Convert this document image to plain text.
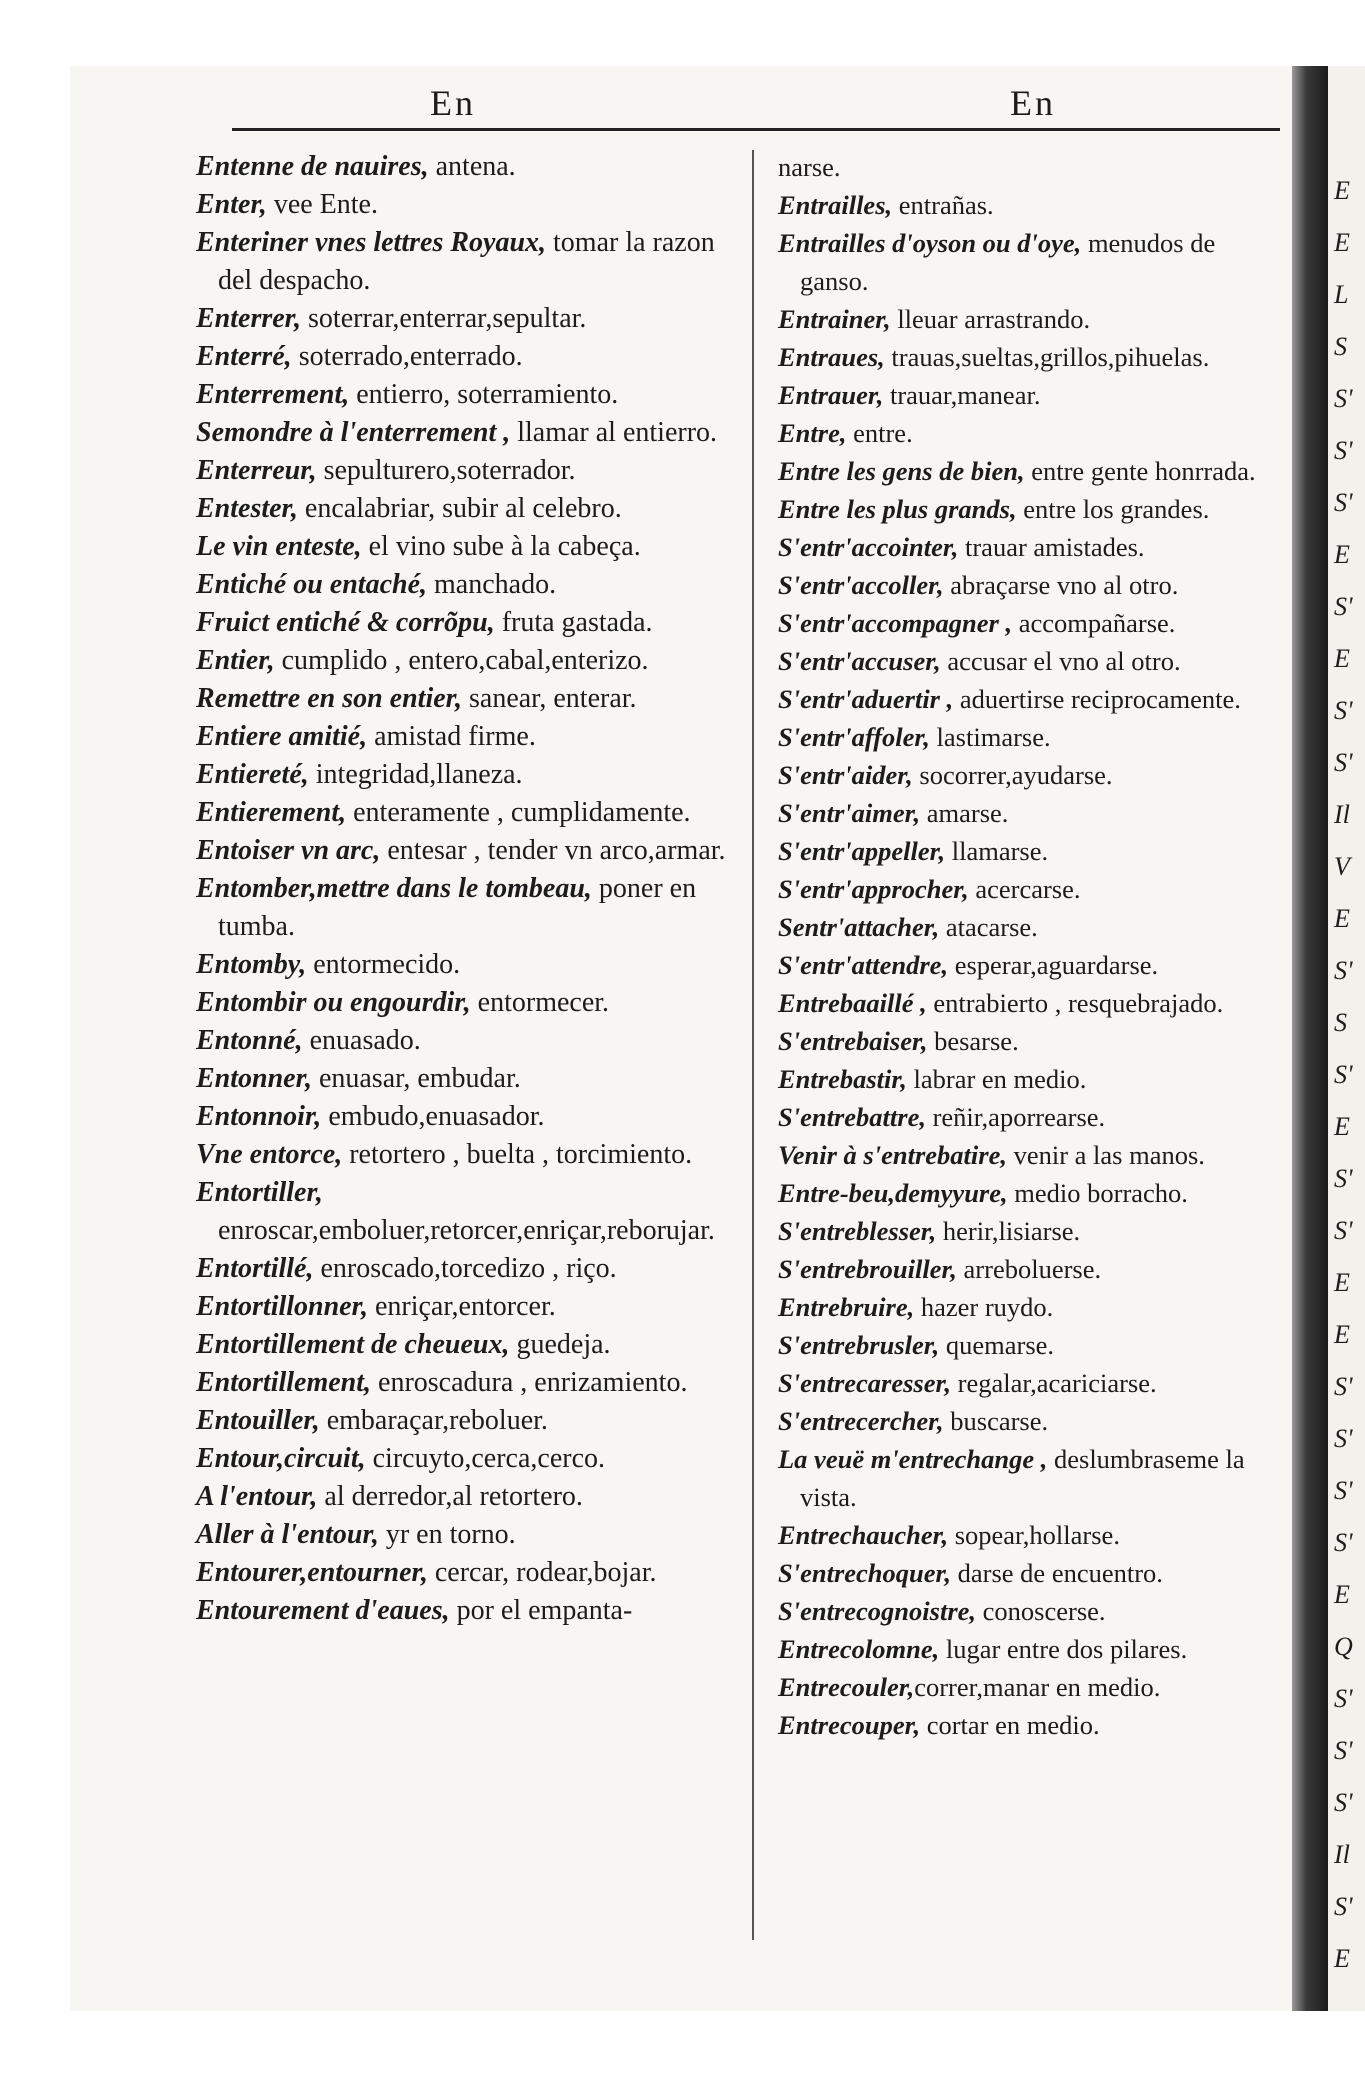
E
E
L
S
S'
S'
S'
E
S'
E
S'
S'
Il
V
E
S'
S
S'
E
S'
S'
E
E
S'
S'
S'
S'
E
Q
S'
S'
S'
Il
S'
E
En	En

Entenne de nauires, antena.

Enter, vee Ente.

Enteriner vnes lettres Royaux, tomar la razon del despacho.

Enterrer, soterrar,enterrar,sepultar.

Enterré, soterrado,enterrado.

Enterrement, entierro, soterramiento.

Semondre à l'enterrement , llamar al entierro.

Enterreur, sepulturero,soterrador.

Entester, encalabriar, subir al celebro.

Le vin enteste, el vino sube à la cabeça.

Entiché ou entaché, manchado.

Fruict entiché & corrõpu, fruta gastada.

Entier, cumplido , entero,cabal,enterizo.

Remettre en son entier, sanear, enterar.

Entiere amitié, amistad firme.

Entiereté, integridad,llaneza.

Entierement, enteramente , cumplidamente.

Entoiser vn arc, entesar , tender vn arco,armar.

Entomber,mettre dans le tombeau, poner en tumba.

Entomby, entormecido.

Entombir ou engourdir, entormecer.

Entonné, enuasado.

Entonner, enuasar, embudar.

Entonnoir, embudo,enuasador.

Vne entorce, retortero , buelta , torcimiento.

Entortiller, enroscar,emboluer,retorcer,enriçar,reborujar.

Entortillé, enroscado,torcedizo , riço.

Entortillonner, enriçar,entorcer.

Entortillement de cheueux, guedeja.

Entortillement, enroscadura , enrizamiento.

Entouiller, embaraçar,reboluer.

Entour,circuit, circuyto,cerca,cerco.

A l'entour, al derredor,al retortero.

Aller à l'entour, yr en torno.

Entourer,entourner, cercar, rodear,bojar.

Entourement d'eaues, por el empanta-

narse.

Entrailles, entrañas.

Entrailles d'oyson ou d'oye, menudos de ganso.

Entrainer, lleuar arrastrando.

Entraues, trauas,sueltas,grillos,pihuelas.

Entrauer, trauar,manear.

Entre, entre.

Entre les gens de bien, entre gente honrrada.

Entre les plus grands, entre los grandes.

S'entr'accointer, trauar amistades.

S'entr'accoller, abraçarse vno al otro.

S'entr'accompagner , accompañarse.

S'entr'accuser, accusar el vno al otro.

S'entr'aduertir , aduertirse reciprocamente.

S'entr'affoler, lastimarse.

S'entr'aider, socorrer,ayudarse.

S'entr'aimer, amarse.

S'entr'appeller, llamarse.

S'entr'approcher, acercarse.

Sentr'attacher, atacarse.

S'entr'attendre, esperar,aguardarse.

Entrebaaillé , entrabierto , resquebrajado.

S'entrebaiser, besarse.

Entrebastir, labrar en medio.

S'entrebattre, reñir,aporrearse.

Venir à s'entrebatire, venir a las manos.

Entre-beu,demyyure, medio borracho.

S'entreblesser, herir,lisiarse.

S'entrebrouiller, arreboluerse.

Entrebruire, hazer ruydo.

S'entrebrusler, quemarse.

S'entrecaresser, regalar,acariciarse.

S'entrecercher, buscarse.

La veuë m'entrechange , deslumbraseme la vista.

Entrechaucher, sopear,hollarse.

S'entrechoquer, darse de encuentro.

S'entrecognoistre, conoscerse.

Entrecolomne, lugar entre dos pilares.

Entrecouler,correr,manar en medio.

Entrecouper, cortar en medio.
